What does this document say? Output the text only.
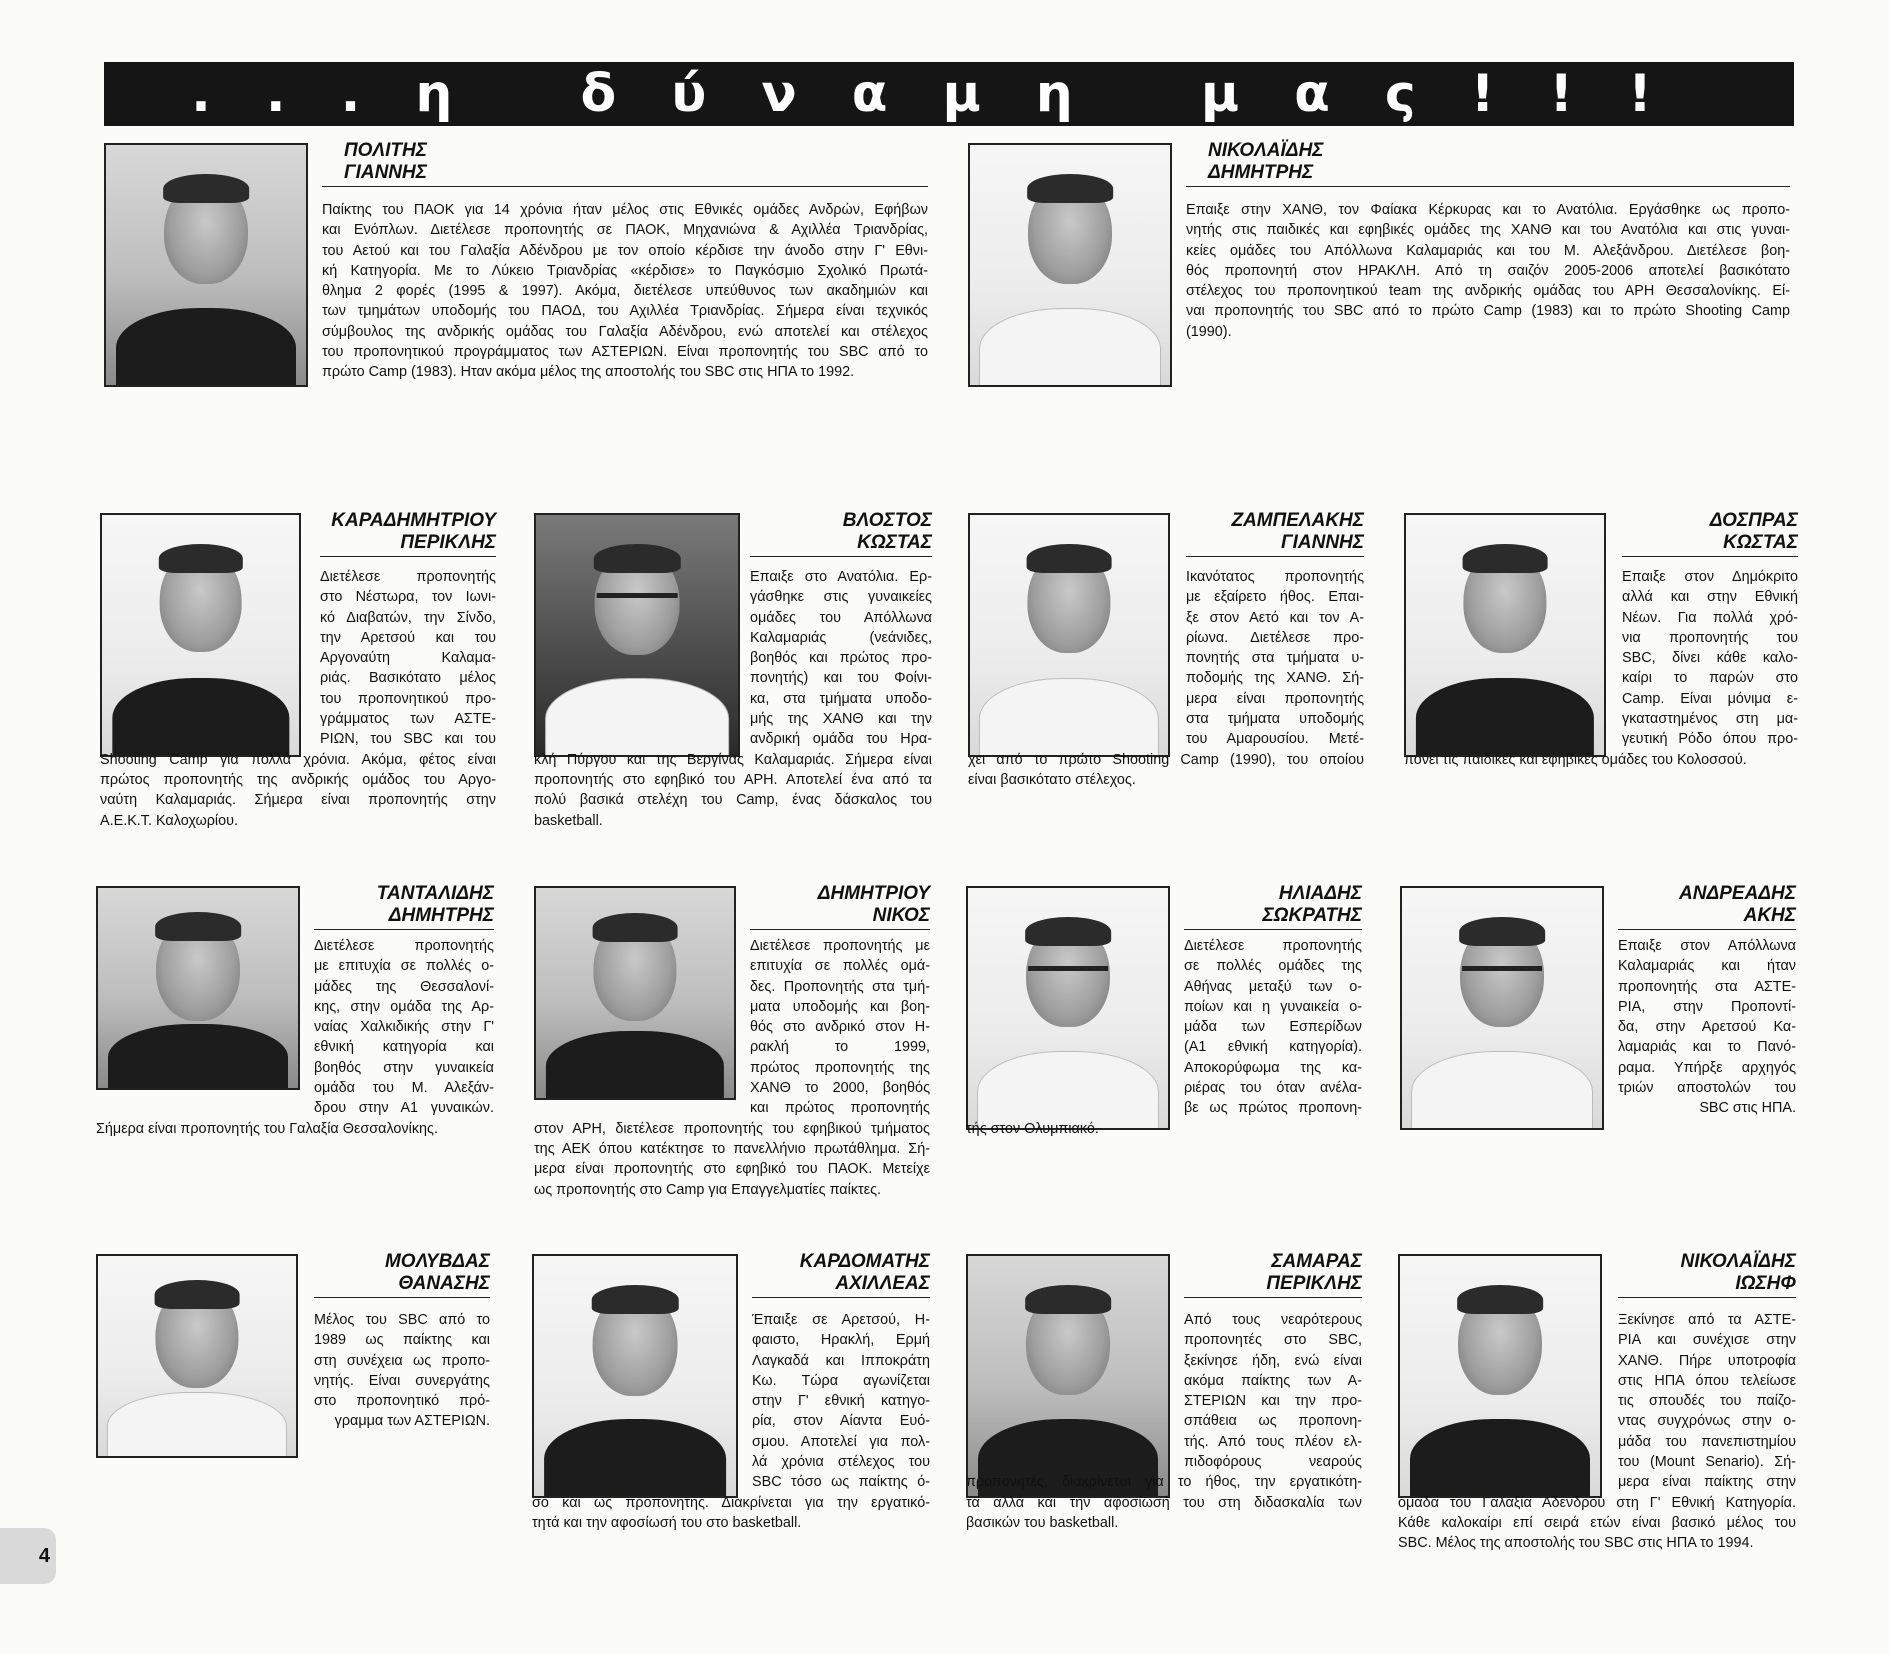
...η δύναμη μας!!!
ΠΟΛΙΤΗΣ
ΓΙΑΝΝΗΣ
Παίκτης του ΠΑΟΚ για 14 χρόνια ήταν μέλος στις Εθνικές ομάδες Ανδρών, Εφήβων
και Ενόπλων. Διετέλεσε προπονητής σε ΠΑΟΚ, Μηχανιώνα & Αχιλλέα Τριανδρίας,
του Αετού και του Γαλαξία Αδένδρου με τον οποίο κέρδισε την άνοδο στην Γ' Εθνι-
κή Κατηγορία. Με το Λύκειο Τριανδρίας «κέρδισε» το Παγκόσμιο Σχολικό Πρωτά-
θλημα 2 φορές (1995 & 1997). Ακόμα, διετέλεσε υπεύθυνος των ακαδημιών και
των τμημάτων υποδομής του ΠΑΟΔ, του Αχιλλέα Τριανδρίας. Σήμερα είναι τεχνικός
σύμβουλος της ανδρικής ομάδας του Γαλαξία Αδένδρου, ενώ αποτελεί και στέλεχος
του προπονητικού προγράμματος των ΑΣΤΕΡΙΩΝ. Είναι προπονητής του SBC από το
πρώτο Camp (1983). Ηταν ακόμα μέλος της αποστολής του SBC στις ΗΠΑ το 1992.
ΝΙΚΟΛΑΪΔΗΣ
ΔΗΜΗΤΡΗΣ
Επαιξε στην ΧΑΝΘ, τον Φαίακα Κέρκυρας και το Ανατόλια. Εργάσθηκε ως προπο-
νητής στις παιδικές και εφηβικές ομάδες της ΧΑΝΘ και του Ανατόλια και στις γυναι-
κείες ομάδες του Απόλλωνα Καλαμαριάς και του Μ. Αλεξάνδρου. Διετέλεσε βοη-
θός προπονητή στον ΗΡΑΚΛΗ. Από τη σαιζόν 2005-2006 αποτελεί βασικότατο
στέλεχος του προπονητικού team της ανδρικής ομάδας του ΑΡΗ Θεσσαλονίκης. Εί-
ναι προπονητής του SBC από το πρώτο Camp (1983) και το πρώτο Shooting Camp
(1990).
ΚΑΡΑΔΗΜΗΤΡΙΟΥ
ΠΕΡΙΚΛΗΣ
Διετέλεσε προπονητής
στο Νέστωρα, τον Ιωνι-
κό Διαβατών, την Σίνδο,
την Αρετσού και του
Αργοναύτη Καλαμα-
ριάς. Βασικότατο μέλος
του προπονητικού προ-
γράμματος των ΑΣΤΕ-
ΡΙΩΝ, του SBC και του
Shooting Camp για πολλά χρόνια. Ακόμα, φέτος είναι
πρώτος προπονητής της ανδρικής ομάδος του Αργο-
ναύτη Καλαμαριάς. Σήμερα είναι προπονητής στην
Α.Ε.Κ.Τ. Καλοχωρίου.
ΒΛΟΣΤΟΣ
ΚΩΣΤΑΣ
Επαιξε στο Ανατόλια. Ερ-
γάσθηκε στις γυναικείες
ομάδες του Απόλλωνα
Καλαμαριάς (νεάνιδες,
βοηθός και πρώτος προ-
πονητής) και του Φοίνι-
κα, στα τμήματα υποδο-
μής της ΧΑΝΘ και την
ανδρική ομάδα του Ηρα-
κλή Πύργου και της Βεργίνας Καλαμαριάς. Σήμερα είναι
προπονητής στο εφηβικό του ΑΡΗ. Αποτελεί ένα από τα
πολύ βασικά στελέχη του Camp, ένας δάσκαλος του
basketball.
ΖΑΜΠΕΛΑΚΗΣ
ΓΙΑΝΝΗΣ
Ικανότατος προπονητής
με εξαίρετο ήθος. Επαι-
ξε στον Αετό και τον Α-
ρίωνα. Διετέλεσε προ-
πονητής στα τμήματα υ-
ποδομής της ΧΑΝΘ. Σή-
μερα είναι προπονητής
στα τμήματα υποδομής
του Αμαρουσίου. Μετέ-
χει από το πρώτο Shooting Camp (1990), του οποίου
είναι βασικότατο στέλεχος.
ΔΟΣΠΡΑΣ
ΚΩΣΤΑΣ
Επαιξε στον Δημόκριτο
αλλά και στην Εθνική
Νέων. Για πολλά χρό-
νια προπονητής του
SBC, δίνει κάθε καλο-
καίρι το παρών στο
Camp. Είναι μόνιμα ε-
γκαταστημένος στη μα-
γευτική Ρόδο όπου προ-
πονεί τις παιδικές και εφηβικές ομάδες του Κολοσσού.
ΤΑΝΤΑΛΙΔΗΣ
ΔΗΜΗΤΡΗΣ
Διετέλεσε προπονητής
με επιτυχία σε πολλές ο-
μάδες της Θεσσαλονί-
κης, στην ομάδα της Αρ-
ναίας Χαλκιδικής στην Γ'
εθνική κατηγορία και
βοηθός στην γυναικεία
ομάδα του Μ. Αλεξάν-
δρου στην Α1 γυναικών.
Σήμερα είναι προπονητής του Γαλαξία Θεσσαλονίκης.
ΔΗΜΗΤΡΙΟΥ
ΝΙΚΟΣ
Διετέλεσε προπονητής με
επιτυχία σε πολλές ομά-
δες. Προπονητής στα τμή-
ματα υποδομής και βοη-
θός στο ανδρικό στον Η-
ρακλή το 1999,
πρώτος προπονητής της
ΧΑΝΘ το 2000, βοηθός
και πρώτος προπονητής
στον ΑΡΗ, διετέλεσε προπονητής του εφηβικού τμήματος
της ΑΕΚ όπου κατέκτησε το πανελλήνιο πρωτάθλημα. Σή-
μερα είναι προπονητής στο εφηβικό του ΠΑΟΚ. Μετείχε
ως προπονητής στο Camp για Επαγγελματίες παίκτες.
ΗΛΙΑΔΗΣ
ΣΩΚΡΑΤΗΣ
Διετέλεσε προπονητής
σε πολλές ομάδες της
Αθήνας μεταξύ των ο-
ποίων και η γυναικεία ο-
μάδα των Εσπερίδων
(Α1 εθνική κατηγορία).
Αποκορύφωμα της κα-
ριέρας του όταν ανέλα-
βε ως πρώτος προπονη-
τής στον Ολυμπιακό.
ΑΝΔΡΕΑΔΗΣ
ΑΚΗΣ
Επαιξε στον Απόλλωνα
Καλαμαριάς και ήταν
προπονητής στα ΑΣΤΕ-
ΡΙΑ, στην Προποντί-
δα, στην Αρετσού Κα-
λαμαριάς και το Πανό-
ραμα. Υπήρξε αρχηγός
τριών αποστολών του
SBC στις ΗΠΑ.
ΜΟΛΥΒΔΑΣ
ΘΑΝΑΣΗΣ
Μέλος του SBC από το
1989 ως παίκτης και
στη συνέχεια ως προπο-
νητής. Είναι συνεργάτης
στο προπονητικό πρό-
γραμμα των ΑΣΤΕΡΙΩΝ.
ΚΑΡΔΟΜΑΤΗΣ
ΑΧΙΛΛΕΑΣ
Έπαιξε σε Αρετσού, Η-
φαιστο, Ηρακλή, Ερμή
Λαγκαδά και Ιπποκράτη
Κω. Τώρα αγωνίζεται
στην Γ' εθνική κατηγο-
ρία, στον Αίαντα Ευό-
σμου. Αποτελεί για πολ-
λά χρόνια στέλεχος του
SBC τόσο ως παίκτης ό-
σο και ως προπονητής. Διακρίνεται για την εργατικό-
τητά και την αφοσίωσή του στο basketball.
ΣΑΜΑΡΑΣ
ΠΕΡΙΚΛΗΣ
Από τους νεαρότερους
προπονητές στο SBC,
ξεκίνησε ήδη, ενώ είναι
ακόμα παίκτης των Α-
ΣΤΕΡΙΩΝ και την προ-
σπάθεια ως προπονη-
τής. Από τους πλέον ελ-
πιδοφόρους νεαρούς
προπονητές, διακρίνεται για το ήθος, την εργατικότη-
τα αλλά και την αφοσίωσή του στη διδασκαλία των
βασικών του basketball.
ΝΙΚΟΛΑΪΔΗΣ
ΙΩΣΗΦ
Ξεκίνησε από τα ΑΣΤΕ-
ΡΙΑ και συνέχισε στην
ΧΑΝΘ. Πήρε υποτροφία
στις ΗΠΑ όπου τελείωσε
τις σπουδές του παίζο-
ντας συγχρόνως στην ο-
μάδα του πανεπιστημίου
του (Mount Senario). Σή-
μερα είναι παίκτης στην
ομάδα του Γαλαξία Αδένδρου στη Γ' Εθνική Κατηγορία.
Κάθε καλοκαίρι επί σειρά ετών είναι βασικό μέλος του
SBC. Μέλος της αποστολής του SBC στις ΗΠΑ το 1994.
4
